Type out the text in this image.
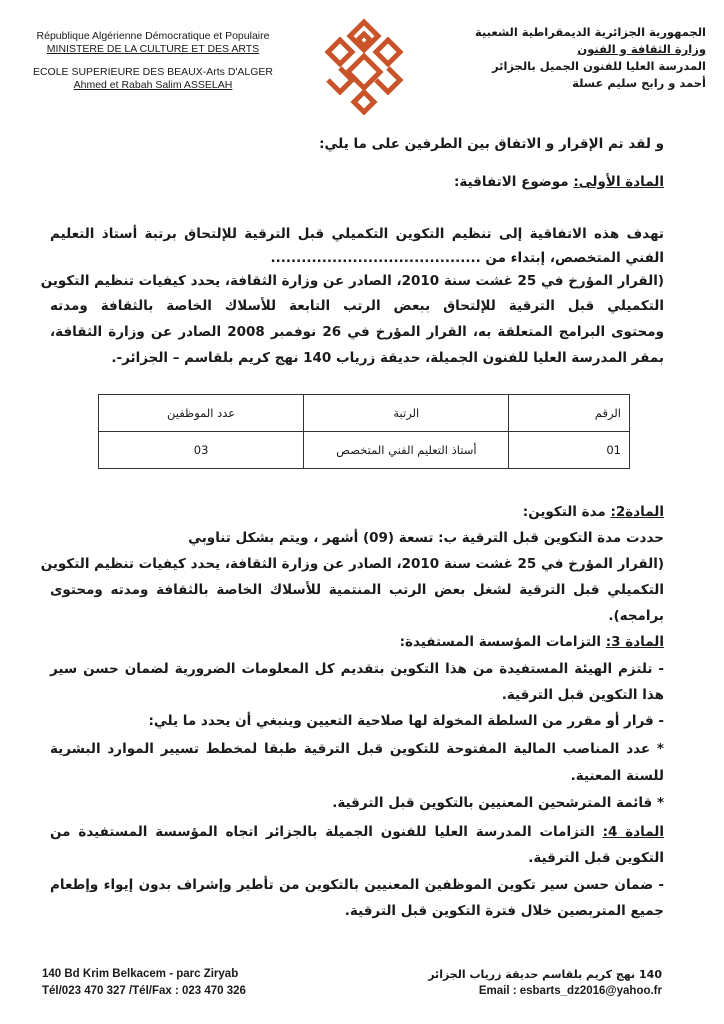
République Algérienne Démocratique et Populaire
MINISTERE DE LA CULTURE ET DES ARTS
ECOLE SUPERIEURE DES BEAUX-Arts D'ALGER
Ahmed et Rabah Salim ASSELAH
الجمهورية الجزائرية الديمقراطية الشعبية
وزارة الثقافة و الفنون
المدرسة العليا للفنون الجميل بالجزائر
أحمد و رابح سليم عسلة
و لقد تم الإقرار و الاتفاق بين الطرفين على ما يلي:
المادة الأولى: موضوع الاتفاقية:
تهدف هذه الاتفاقية إلى تنظيم التكوين التكميلي قبل الترقية للإلتحاق برتبة أستاذ التعليم
الفني المتخصص، إبتداء من .........................................
(القرار المؤرخ في 25 غشت سنة 2010، الصادر عن وزارة الثقافة، يحدد كيفيات تنظيم التكوين
التكميلي قبل الترقية للإلتحاق ببعض الرتب التابعة للأسلاك الخاصة بالثقافة ومدته
ومحتوى البرامج المتعلقة به، القرار المؤرخ في 26 نوفمبر 2008 الصادر عن وزارة الثقافة،
بمقر المدرسة العليا للفنون الجميلة، حديقة زرياب 140 نهج كريم بلقاسم – الجزائر-.
الرقم	الرتبة	عدد الموظفين
01	أستاذ التعليم الفني المتخصص	03
المادة2: مدة التكوين:
حددت مدة التكوين قبل الترقية ب: تسعة (09) أشهر ، ويتم بشكل تناوبي
(القرار المؤرخ في 25 غشت سنة 2010، الصادر عن وزارة الثقافة، يحدد كيفيات تنظيم التكوين
التكميلي قبل الترقية لشغل بعض الرتب المنتمية للأسلاك الخاصة بالثقافة ومدته ومحتوى
برامجه).
المادة 3: التزامات المؤسسة المستفيدة:
- تلتزم الهيئة المستفيدة من هذا التكوين بتقديم كل المعلومات الضرورية لضمان حسن سير
هذا التكوين قبل الترقية.
- قرار أو مقرر من السلطة المخولة لها صلاحية التعيين وينبغي أن يحدد ما يلي:
* عدد المناصب المالية المفتوحة للتكوين قبل الترقية طبقا لمخطط تسيير الموارد البشرية
للسنة المعنية.
* قائمة المترشحين المعنيين بالتكوين قبل الترقية.
المادة 4: التزامات المدرسة العليا للفنون الجميلة بالجزائر اتجاه المؤسسة المستفيدة من
التكوين قبل الترقية.
- ضمان حسن سير تكوين الموظفين المعنيين بالتكوين من تأطير وإشراف بدون إيواء وإطعام
جميع المتربصين خلال فترة التكوين قبل الترقية.
140 Bd Krim Belkacem - parc Ziryab
Tél/023 470 327 /Tél/Fax : 023 470 326
140 نهج كريم بلقاسم حديقة زرياب الجزائر
Email : esbarts_dz2016@yahoo.fr
